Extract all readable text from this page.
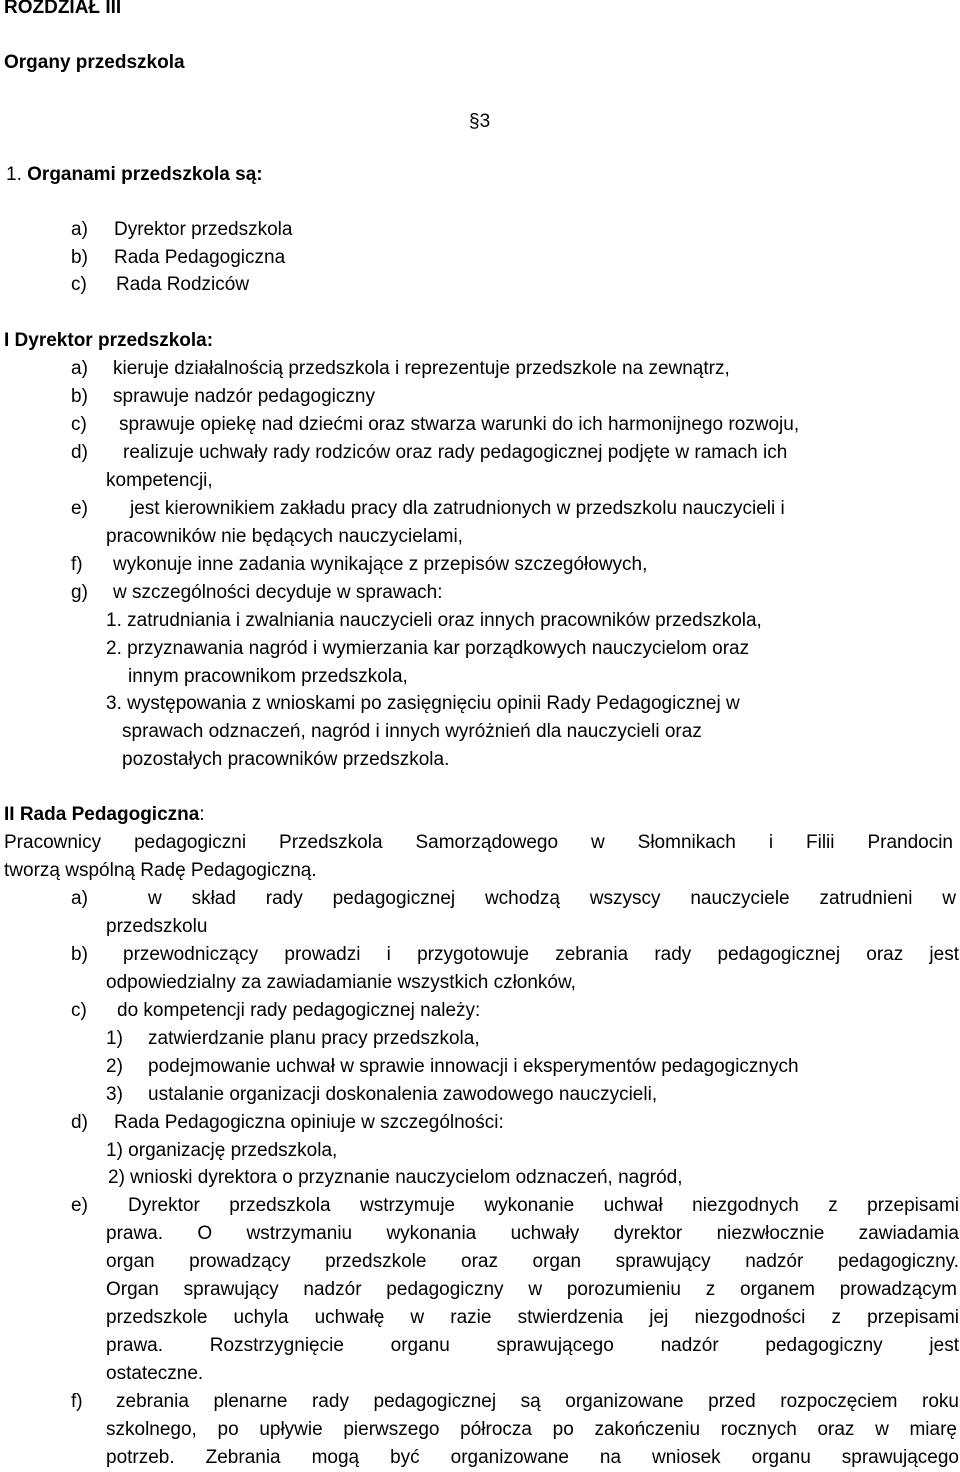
ROZDZIAŁ III
Organy przedszkola
§3
1. Organami przedszkola są:
a) Dyrektor przedszkola
b) Rada Pedagogiczna
c) Rada Rodziców
I Dyrektor przedszkola:
a) kieruje działalnością przedszkola i reprezentuje przedszkole na zewnątrz,
b) sprawuje nadzór pedagogiczny
c) sprawuje opiekę nad dziećmi oraz stwarza warunki do ich harmonijnego rozwoju,
d) realizuje uchwały rady rodziców oraz rady pedagogicznej podjęte w ramach ich
kompetencji,
e) jest kierownikiem zakładu pracy dla zatrudnionych w przedszkolu nauczycieli i
pracowników nie będących nauczycielami,
f) wykonuje inne zadania wynikające z przepisów szczegółowych,
g) w szczególności decyduje w sprawach:
1. zatrudniania i zwalniania nauczycieli oraz innych pracowników przedszkola,
2. przyznawania nagród i wymierzania kar porządkowych nauczycielom oraz
innym pracownikom przedszkola,
3. występowania z wnioskami po zasięgnięciu opinii Rady Pedagogicznej w
sprawach odznaczeń, nagród i innych wyróżnień dla nauczycieli oraz
pozostałych pracowników przedszkola.
II Rada Pedagogiczna:
Pracownicy pedagogiczni Przedszkola Samorządowego w Słomnikach i Filii Prandocin
tworzą wspólną Radę Pedagogiczną.
a)	w skład rady pedagogicznej wchodzą wszyscy nauczyciele zatrudnieni w
przedszkolu
b) przewodniczący prowadzi i przygotowuje zebrania rady pedagogicznej oraz jest
odpowiedzialny za zawiadamianie wszystkich członków,
c) do kompetencji rady pedagogicznej należy:
1) zatwierdzanie planu pracy przedszkola,
2) podejmowanie uchwał w sprawie innowacji i eksperymentów pedagogicznych
3) ustalanie organizacji doskonalenia zawodowego nauczycieli,
d) Rada Pedagogiczna opiniuje w szczególności:
1) organizację przedszkola,
2) wnioski dyrektora o przyznanie nauczycielom odznaczeń, nagród,
e) Dyrektor przedszkola wstrzymuje wykonanie uchwał niezgodnych z przepisami
prawa. O wstrzymaniu wykonania uchwały dyrektor niezwłocznie zawiadamia
organ prowadzący przedszkole oraz organ sprawujący nadzór pedagogiczny.
Organ sprawujący nadzór pedagogiczny w porozumieniu z organem prowadzącym
przedszkole uchyla uchwałę w razie stwierdzenia jej niezgodności z przepisami
prawa. Rozstrzygnięcie organu sprawującego nadzór pedagogiczny jest
ostateczne.
f) zebrania plenarne rady pedagogicznej są organizowane przed rozpoczęciem roku
szkolnego, po upływie pierwszego półrocza po zakończeniu rocznych oraz w miarę
potrzeb. Zebrania mogą być organizowane na wniosek organu sprawującego
